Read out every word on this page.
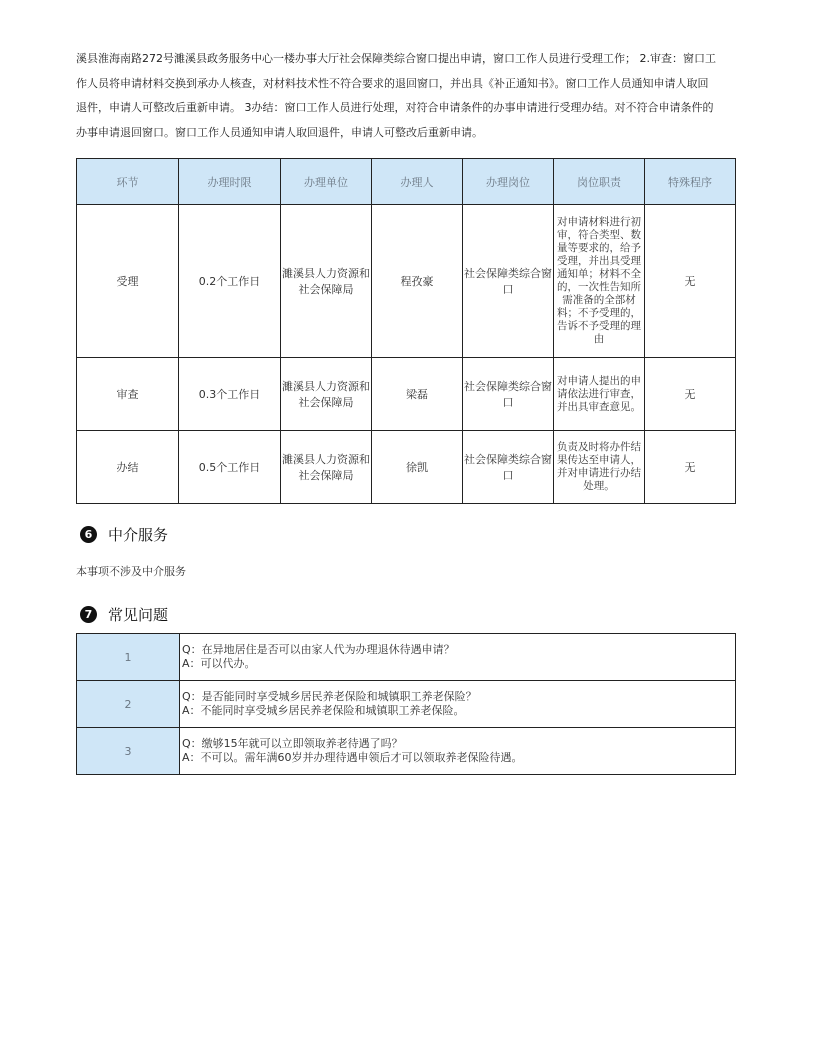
溪县淮海南路272号濉溪县政务服务中心一楼办事大厅社会保障类综合窗口提出申请，窗口工作人员进行受理工作； 2.审查：窗口工

作人员将申请材料交换到承办人核查，对材料技术性不符合要求的退回窗口，并出具《补正通知书》。窗口工作人员通知申请人取回

退件，申请人可整改后重新申请。 3办结：窗口工作人员进行处理，对符合申请条件的办事申请进行受理办结。对不符合申请条件的

办事申请退回窗口。窗口工作人员通知申请人取回退件，申请人可整改后重新申请。

环节	办理时限	办理单位	办理人	办理岗位	岗位职责	特殊程序
受理	0.2个工作日	濉溪县人力资源和社会保障局	程孜豪	社会保障类综合窗口	对申请材料进行初审，符合类型、数量等要求的，给予受理，并出具受理通知单；材料不全的，一次性告知所需准备的全部材料；不予受理的，告诉不予受理的理由	无
审查	0.3个工作日	濉溪县人力资源和社会保障局	梁磊	社会保障类综合窗口	对申请人提出的申请依法进行审查，并出具审查意见。	无
办结	0.5个工作日	濉溪县人力资源和社会保障局	徐凯	社会保障类综合窗口	负责及时将办件结果传达至申请人，并对申请进行办结处理。	无
6	中介服务
本事项不涉及中介服务
7	常见问题
1	Q：在异地居住是否可以由家人代为办理退休待遇申请？
A：可以代办。

2	Q：是否能同时享受城乡居民养老保险和城镇职工养老保险？
A：不能同时享受城乡居民养老保险和城镇职工养老保险。

3	Q：缴够15年就可以立即领取养老待遇了吗？
A：不可以。需年满60岁并办理待遇申领后才可以领取养老保险待遇。
